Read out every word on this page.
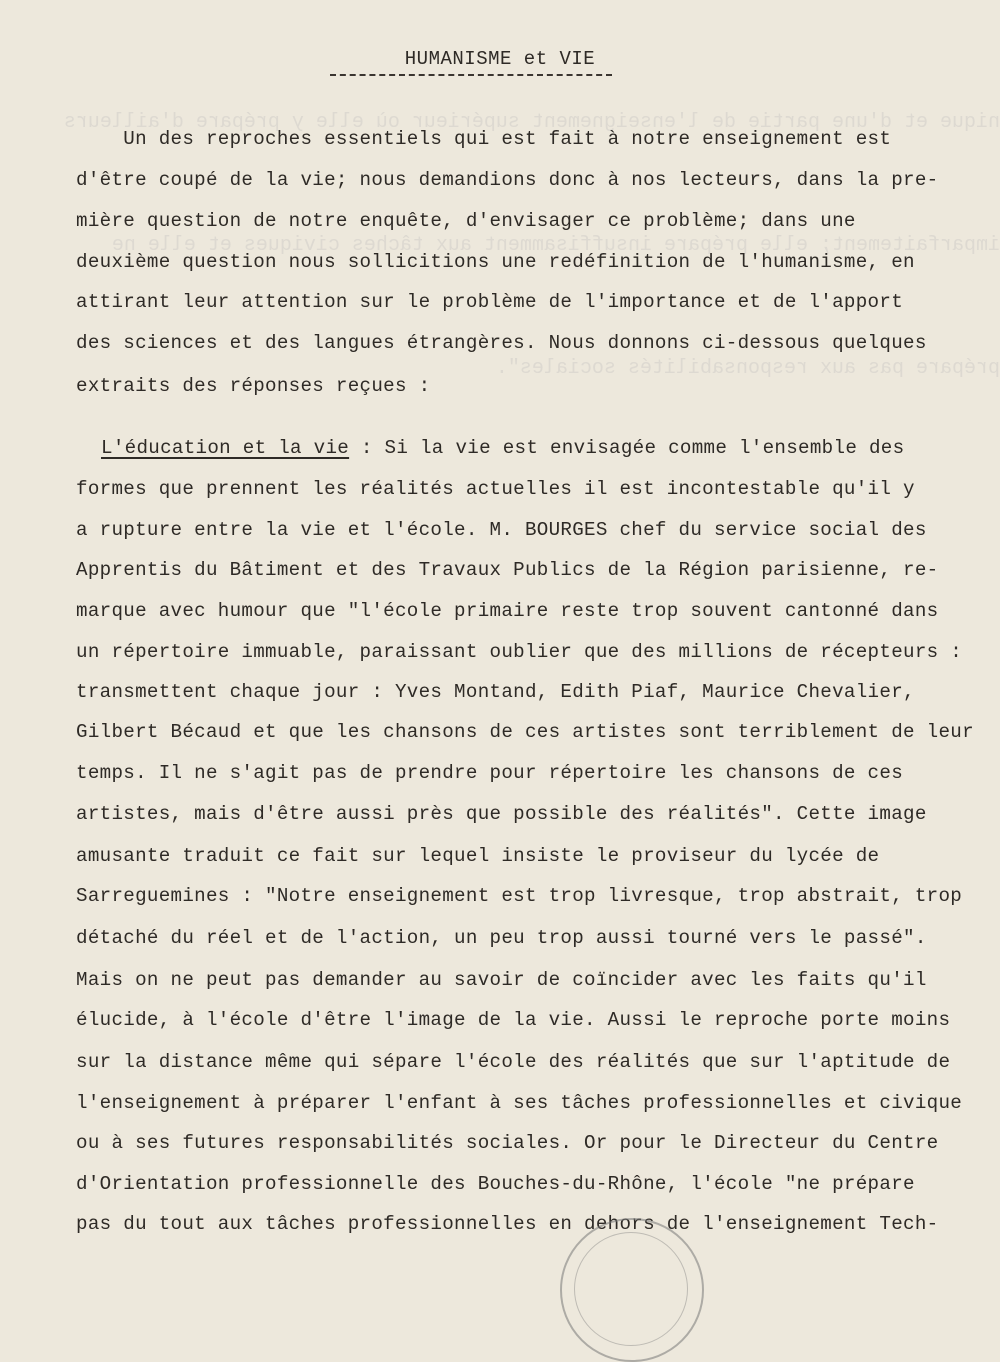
nique et d'une partie de l'enseignement supérieur où elle y prépare d'ailleurs

imparfaitement; elle prépare insuffisamment aux tâches civiques et elle ne

prépare pas aux responsabilités sociales".

HUMANISME et VIE
Un des reproches essentiels qui est fait à notre enseignement est
d'être coupé de la vie; nous demandions donc à nos lecteurs, dans la pre-
mière question de notre enquête, d'envisager ce problème; dans une
deuxième question nous sollicitions une redéfinition de l'humanisme, en
attirant leur attention sur le problème de l'importance et de l'apport
des sciences et des langues étrangères. Nous donnons ci-dessous quelques
extraits des réponses reçues :
L'éducation et la vie : Si la vie est envisagée comme l'ensemble des
formes que prennent les réalités actuelles il est incontestable qu'il y
a rupture entre la vie et l'école. M. BOURGES chef du service social des
Apprentis du Bâtiment et des Travaux Publics de la Région parisienne, re-
marque avec humour que "l'école primaire reste trop souvent cantonné dans
un répertoire immuable, paraissant oublier que des millions de récepteurs :
transmettent chaque jour : Yves Montand, Edith Piaf, Maurice Chevalier,
Gilbert Bécaud et que les chansons de ces artistes sont terriblement de leur
temps. Il ne s'agit pas de prendre pour répertoire les chansons de ces
artistes, mais d'être aussi près que possible des réalités". Cette image
amusante traduit ce fait sur lequel insiste le proviseur du lycée de
Sarreguemines : "Notre enseignement est trop livresque, trop abstrait, trop
détaché du réel et de l'action, un peu trop aussi tourné vers le passé".
Mais on ne peut pas demander au savoir de coïncider avec les faits qu'il
élucide, à l'école d'être l'image de la vie. Aussi le reproche porte moins
sur la distance même qui sépare l'école des réalités que sur l'aptitude de
l'enseignement à préparer l'enfant à ses tâches professionnelles et civique
ou à ses futures responsabilités sociales. Or pour le Directeur du Centre
d'Orientation professionnelle des Bouches-du-Rhône, l'école "ne prépare
pas du tout aux tâches professionnelles en dehors de l'enseignement Tech-
